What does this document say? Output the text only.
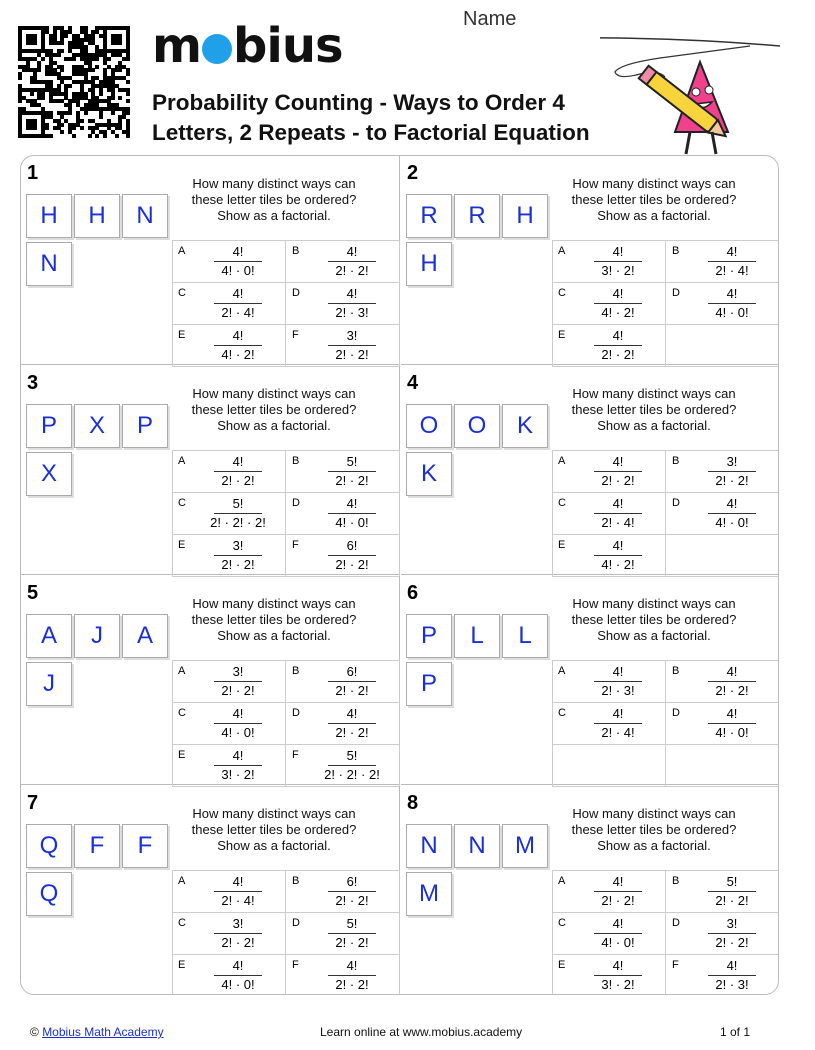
m bius
Probability Counting - Ways to Order 4
Letters, 2 Repeats - to Factorial Equation
Name
1
H	H	N
N
How many distinct ways can these letter tiles be ordered? Show as a factorial.
A	4!
4! · 0!
B	4!
2! · 2!
C	4!
2! · 4!
D	4!
2! · 3!
E	4!
4! · 2!
F	3!
2! · 2!
2
R	R	H
H
How many distinct ways can these letter tiles be ordered? Show as a factorial.
A	4!
3! · 2!
B	4!
2! · 4!
C	4!
4! · 2!
D	4!
4! · 0!
E	4!
2! · 2!
3
P	X	P
X
How many distinct ways can these letter tiles be ordered? Show as a factorial.
A	4!
2! · 2!
B	5!
2! · 2!
C	5!
2! · 2! · 2!
D	4!
4! · 0!
E	3!
2! · 2!
F	6!
2! · 2!
4
O	O	K
K
How many distinct ways can these letter tiles be ordered? Show as a factorial.
A	4!
2! · 2!
B	3!
2! · 2!
C	4!
2! · 4!
D	4!
4! · 0!
E	4!
4! · 2!
5
A	J	A
J
How many distinct ways can these letter tiles be ordered? Show as a factorial.
A	3!
2! · 2!
B	6!
2! · 2!
C	4!
4! · 0!
D	4!
2! · 2!
E	4!
3! · 2!
F	5!
2! · 2! · 2!
6
P	L	L
P
How many distinct ways can these letter tiles be ordered? Show as a factorial.
A	4!
2! · 3!
B	4!
2! · 2!
C	4!
2! · 4!
D	4!
4! · 0!
7
Q	F	F
Q
How many distinct ways can these letter tiles be ordered? Show as a factorial.
A	4!
2! · 4!
B	6!
2! · 2!
C	3!
2! · 2!
D	5!
2! · 2!
E	4!
4! · 0!
F	4!
2! · 2!
8
N	N	M
M
How many distinct ways can these letter tiles be ordered? Show as a factorial.
A	4!
2! · 2!
B	5!
2! · 2!
C	4!
4! · 0!
D	3!
2! · 2!
E	4!
3! · 2!
F	4!
2! · 3!
© Mobius Math Academy	Learn online at www.mobius.academy	1 of 1
